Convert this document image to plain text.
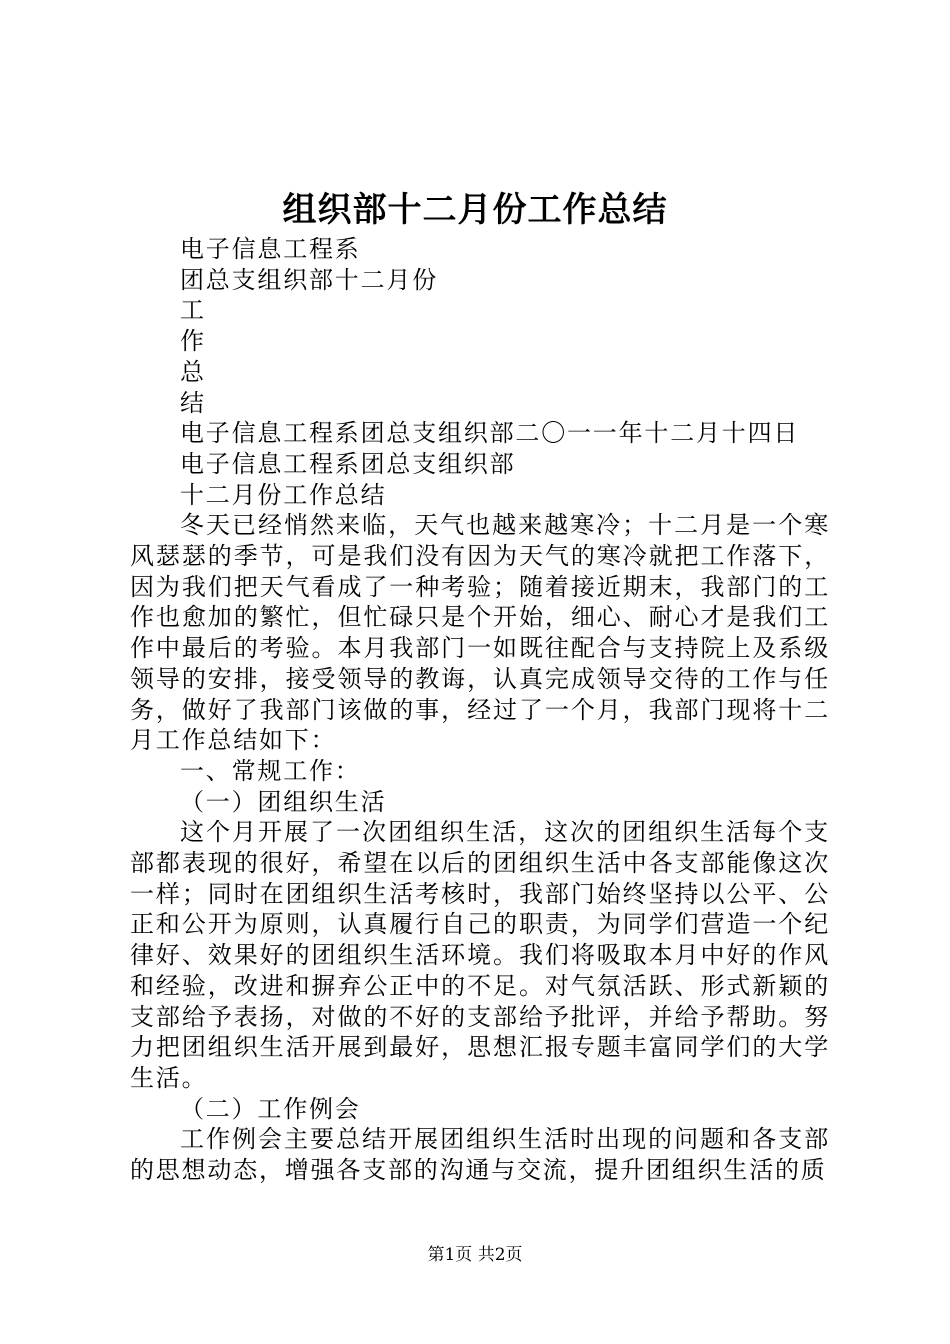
组织部十二月份工作总结
电子信息工程系
团总支组织部十二月份
工
作
总
结
电子信息工程系团总支组织部二〇一一年十二月十四日
电子信息工程系团总支组织部
十二月份工作总结

冬天已经悄然来临，天气也越来越寒冷；十二月是一个寒风瑟瑟的季节，可是我们没有因为天气的寒冷就把工作落下，因为我们把天气看成了一种考验；随着接近期末，我部门的工作也愈加的繁忙，但忙碌只是个开始，细心、耐心才是我们工作中最后的考验。本月我部门一如既往配合与支持院上及系级领导的安排，接受领导的教诲，认真完成领导交待的工作与任务，做好了我部门该做的事，经过了一个月，我部门现将十二月工作总结如下：

一、常规工作：
（一）团组织生活

这个月开展了一次团组织生活，这次的团组织生活每个支部都表现的很好，希望在以后的团组织生活中各支部能像这次一样；同时在团组织生活考核时，我部门始终坚持以公平、公正和公开为原则，认真履行自己的职责，为同学们营造一个纪律好、效果好的团组织生活环境。我们将吸取本月中好的作风和经验，改进和摒弃公正中的不足。对气氛活跃、形式新颖的支部给予表扬，对做的不好的支部给予批评，并给予帮助。努力把团组织生活开展到最好，思想汇报专题丰富同学们的大学生活。

（二）工作例会

工作例会主要总结开展团组织生活时出现的问题和各支部的思想动态，增强各支部的沟通与交流，提升团组织生活的质

第1页 共2页
